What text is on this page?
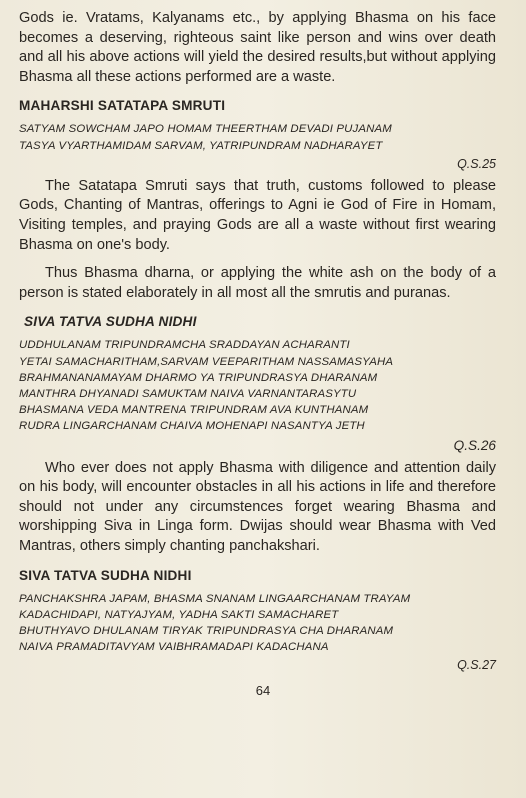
Gods ie. Vratams, Kalyanams etc., by applying Bhasma on his face becomes a deserving, righteous saint like person and wins over death and all his above actions will yield the desired results,but without applying Bhasma all these actions performed are a waste.

MAHARSHI SATATAPA SMRUTI

SATYAM SOWCHAM JAPO HOMAM THEERTHAM DEVADI PUJANAM

TASYA VYARTHAMIDAM SARVAM, YATRIPUNDRAM NADHARAYET

Q.S.25

The Satatapa Smruti says that truth, customs followed to please Gods, Chanting of Mantras, offerings to Agni ie God of Fire in Homam, Visiting temples, and praying Gods are all a waste without first wearing Bhasma on one's body.

Thus Bhasma dharna, or applying the white ash on the body of a person is stated elaborately in all most all the smrutis and puranas.

SIVA TATVA SUDHA NIDHI

UDDHULANAM TRIPUNDRAMCHA SRADDAYAN ACHARANTI

YETAI SAMACHARITHAM,SARVAM VEEPARITHAM NASSAMASYAHA

BRAHMANANAMAYAM DHARMO YA TRIPUNDRASYA DHARANAM

MANTHRA DHYANADI SAMUKTAM NAIVA VARNANTARASYTU

BHASMANA VEDA MANTRENA TRIPUNDRAM AVA KUNTHANAM

RUDRA LINGARCHANAM CHAIVA MOHENAPI NASANTYA JETH

Q.S.26

Who ever does not apply Bhasma with diligence and attention daily on his body, will encounter obstacles in all his actions in life and therefore should not under any circumstences forget wearing Bhasma and worshipping Siva in Linga form. Dwijas should wear Bhasma with Ved Mantras, others simply chanting panchakshari.

SIVA TATVA SUDHA NIDHI

PANCHAKSHRA JAPAM, BHASMA SNANAM LINGAARCHANAM TRAYAM

KADACHIDAPI, NATYAJYAM, YADHA SAKTI SAMACHARET

BHUTHYAVO DHULANAM TIRYAK TRIPUNDRASYA CHA DHARANAM

NAIVA PRAMADITAVYAM VAIBHRAMADAPI KADACHANA

Q.S.27
64
